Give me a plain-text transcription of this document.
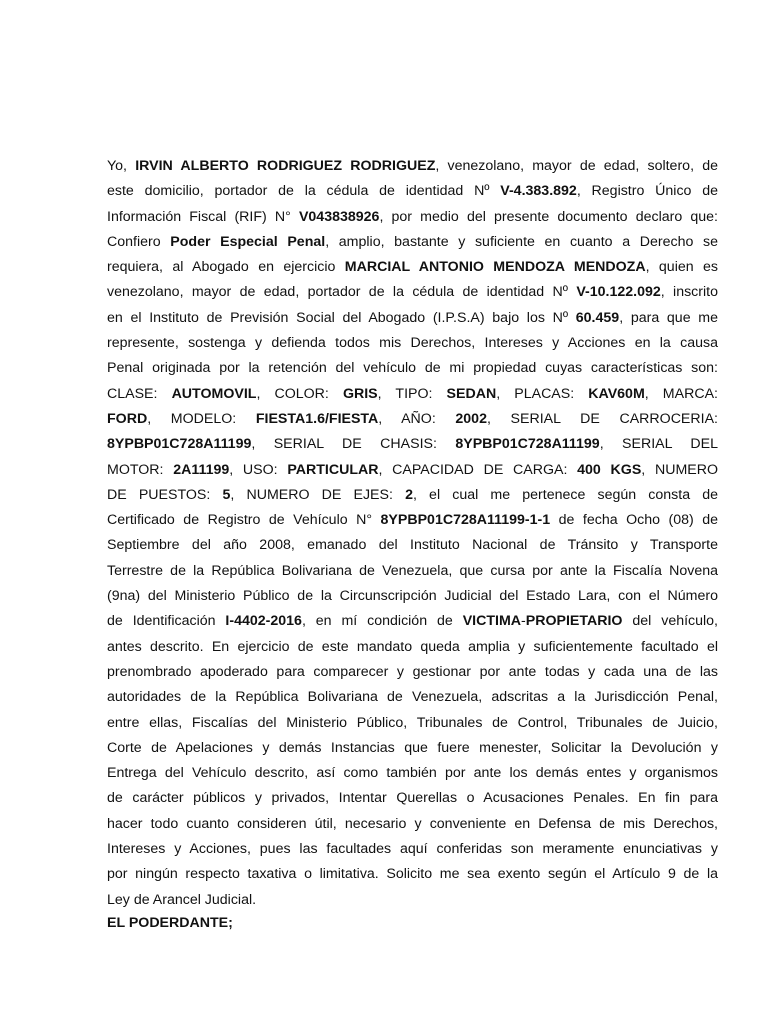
Yo, IRVIN ALBERTO RODRIGUEZ RODRIGUEZ, venezolano, mayor de edad, soltero, de
este domicilio, portador de la cédula de identidad Nº V-4.383.892, Registro Único de
Información Fiscal (RIF) N° V043838926, por medio del presente documento declaro que:
Confiero Poder Especial Penal, amplio, bastante y suficiente en cuanto a Derecho se
requiera, al Abogado en ejercicio MARCIAL ANTONIO MENDOZA MENDOZA, quien es
venezolano, mayor de edad, portador de la cédula de identidad Nº V-10.122.092, inscrito
en el Instituto de Previsión Social del Abogado (I.P.S.A) bajo los Nº 60.459, para que me
represente, sostenga y defienda todos mis Derechos, Intereses y Acciones en la causa
Penal originada por la retención del vehículo de mi propiedad cuyas características son:
CLASE: AUTOMOVIL, COLOR: GRIS, TIPO: SEDAN, PLACAS: KAV60M, MARCA:
FORD, MODELO: FIESTA1.6/FIESTA, AÑO: 2002, SERIAL DE CARROCERIA:
8YPBP01C728A11199, SERIAL DE CHASIS: 8YPBP01C728A11199, SERIAL DEL
MOTOR: 2A11199, USO: PARTICULAR, CAPACIDAD DE CARGA: 400 KGS, NUMERO
DE PUESTOS: 5, NUMERO DE EJES: 2, el cual me pertenece según consta de
Certificado de Registro de Vehículo N° 8YPBP01C728A11199-1-1 de fecha Ocho (08) de
Septiembre del año 2008, emanado del Instituto Nacional de Tránsito y Transporte
Terrestre de la República Bolivariana de Venezuela, que cursa por ante la Fiscalía Novena
(9na) del Ministerio Público de la Circunscripción Judicial del Estado Lara, con el Número
de Identificación I-4402-2016, en mí condición de VICTIMA-PROPIETARIO del vehículo,
antes descrito. En ejercicio de este mandato queda amplia y suficientemente facultado el
prenombrado apoderado para comparecer y gestionar por ante todas y cada una de las
autoridades de la República Bolivariana de Venezuela, adscritas a la Jurisdicción Penal,
entre ellas, Fiscalías del Ministerio Público, Tribunales de Control, Tribunales de Juicio,
Corte de Apelaciones y demás Instancias que fuere menester, Solicitar la Devolución y
Entrega del Vehículo descrito, así como también por ante los demás entes y organismos
de carácter públicos y privados, Intentar Querellas o Acusaciones Penales. En fin para
hacer todo cuanto consideren útil, necesario y conveniente en Defensa de mis Derechos,
Intereses y Acciones, pues las facultades aquí conferidas son meramente enunciativas y
por ningún respecto taxativa o limitativa. Solicito me sea exento según el Artículo 9 de la
Ley de Arancel Judicial.

EL PODERDANTE;
